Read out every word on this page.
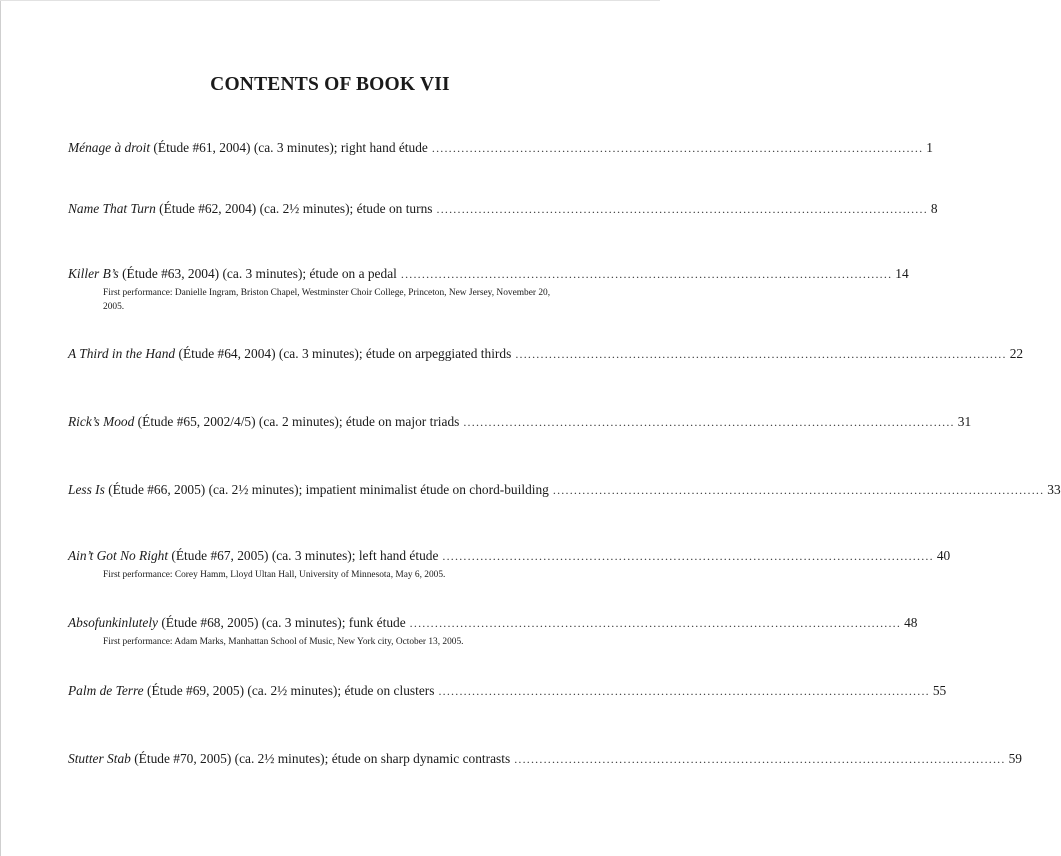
CONTENTS OF BOOK VII
Ménage à droit (Étude #61, 2004) (ca. 3 minutes); right hand étude ..................................................................................................................... 1
Name That Turn (Étude #62, 2004) (ca. 2½ minutes); étude on turns ..................................................................................................................... 8
Killer B’s (Étude #63, 2004) (ca. 3 minutes); étude on a pedal ..................................................................................................................... 14
First performance: Danielle Ingram, Briston Chapel, Westminster Choir College, Princeton, New Jersey, November 20, 2005.
A Third in the Hand (Étude #64, 2004) (ca. 3 minutes); étude on arpeggiated thirds ..................................................................................................................... 22
Rick’s Mood (Étude #65, 2002/4/5) (ca. 2 minutes); étude on major triads ..................................................................................................................... 31
Less Is (Étude #66, 2005) (ca. 2½ minutes); impatient minimalist étude on chord-building ..................................................................................................................... 33
Ain’t Got No Right (Étude #67, 2005) (ca. 3 minutes); left hand étude ..................................................................................................................... 40
First performance: Corey Hamm, Lloyd Ultan Hall, University of Minnesota, May 6, 2005.
Absofunkinlutely (Étude #68, 2005) (ca. 3 minutes); funk étude ..................................................................................................................... 48
First performance: Adam Marks, Manhattan School of Music, New York city, October 13, 2005.
Palm de Terre (Étude #69, 2005) (ca. 2½ minutes); étude on clusters ..................................................................................................................... 55
Stutter Stab (Étude #70, 2005) (ca. 2½ minutes); étude on sharp dynamic contrasts ..................................................................................................................... 59
